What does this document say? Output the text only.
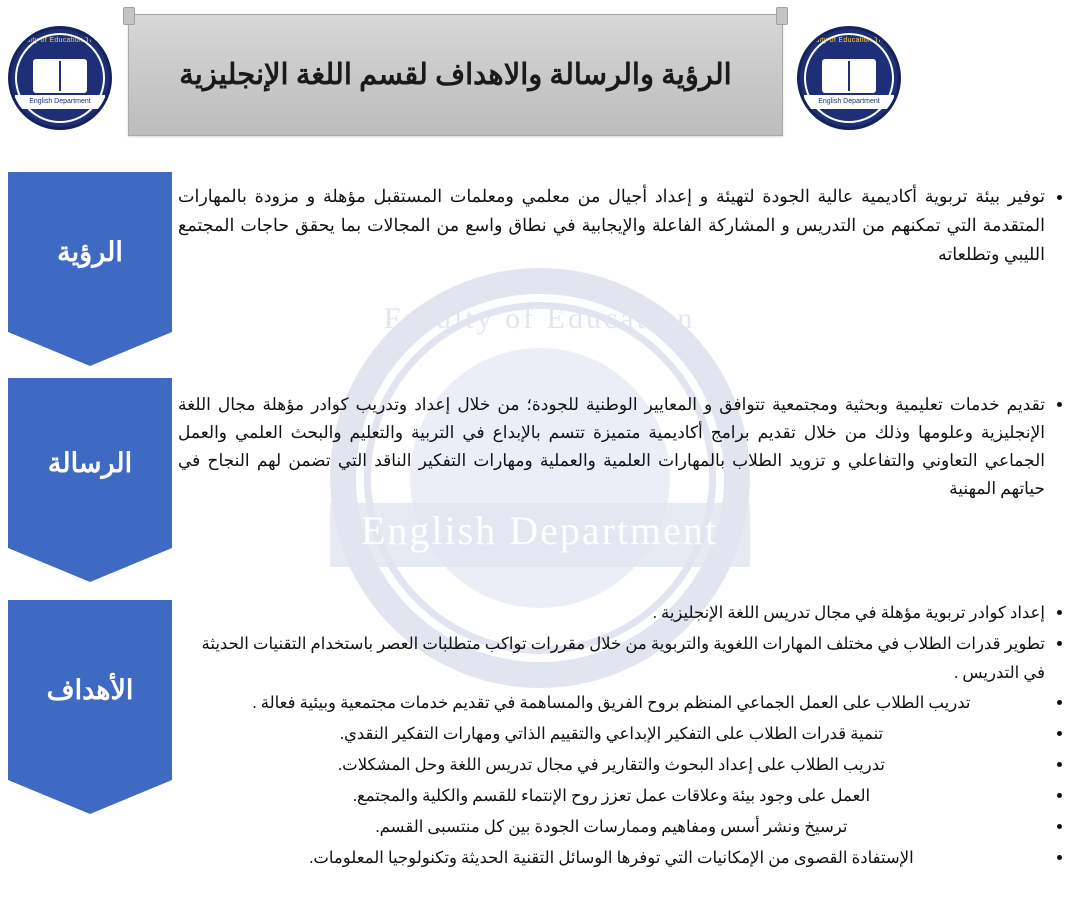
Faculty of Education
English Department
Faculty of Education Tripoli
English Department
الرؤية والرسالة والاهداف لقسم اللغة الإنجليزية
Faculty of Education Tripoli
English Department
• توفير بيئة تربوية أكاديمية عالية الجودة لتهيئة و إعداد أجيال من معلمي ومعلمات المستقبل مؤهلة و مزودة بالمهارات المتقدمة التي تمكنهم من التدريس و المشاركة الفاعلة والإيجابية في نطاق واسع من المجالات بما يحقق حاجات المجتمع الليبي وتطلعاته
• تقديم خدمات تعليمية وبحثية ومجتمعية تتوافق و المعايير الوطنية للجودة؛ من خلال إعداد وتدريب كوادر مؤهلة مجال اللغة الإنجليزية وعلومها وذلك من خلال تقديم برامج أكاديمية متميزة تتسم بالإبداع في التربية والتعليم والبحث العلمي والعمل الجماعي التعاوني والتفاعلي و تزويد الطلاب بالمهارات العلمية والعملية ومهارات التفكير الناقد التي تضمن لهم النجاح في حياتهم المهنية
• إعداد كوادر تربوية مؤهلة في مجال تدريس اللغة الإنجليزية .
• تطوير قدرات الطلاب في مختلف المهارات اللغوية والتربوية من خلال مقررات تواكب متطلبات العصر باستخدام التقنيات الحديثة في التدريس .
• تدريب الطلاب على العمل الجماعي المنظم بروح الفريق والمساهمة في تقديم خدمات مجتمعية وبيئية فعالة .
• تنمية قدرات الطلاب على التفكير الإبداعي والتقييم الذاتي ومهارات التفكير النقدي.
• تدريب الطلاب على إعداد البحوث والتقارير في مجال تدريس اللغة وحل المشكلات.
• العمل على وجود بيئة وعلاقات عمل تعزز روح الإنتماء للقسم والكلية والمجتمع.
• ترسيخ ونشر أسس ومفاهيم وممارسات الجودة بين كل منتسبى القسم.
• الإستفادة القصوى من الإمكانيات التي توفرها الوسائل التقنية الحديثة وتكنولوجيا المعلومات.
الرؤية
الرسالة
الأهداف
